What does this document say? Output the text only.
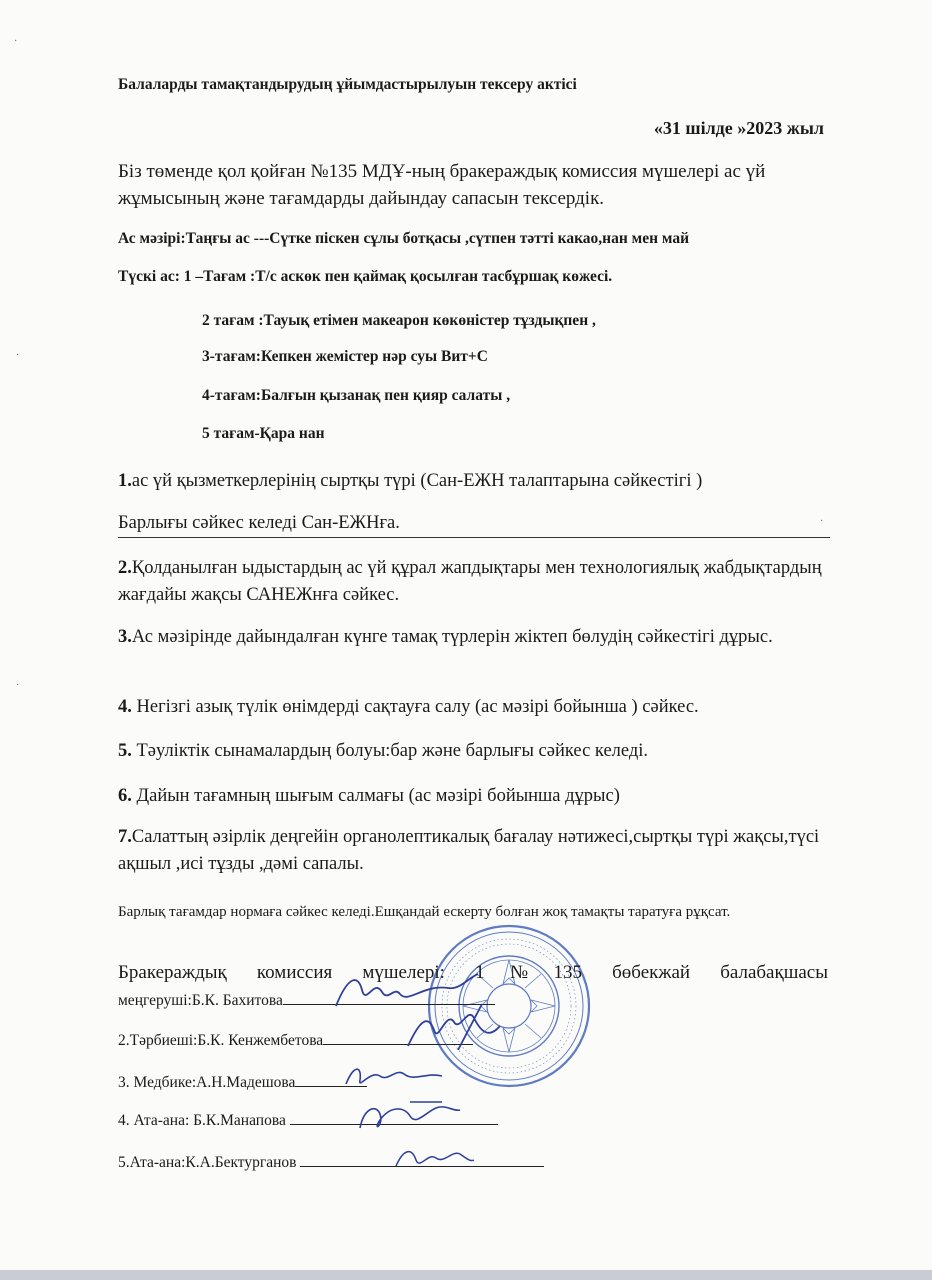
Балаларды тамақтандырудың ұйымдастырылуын тексеру актісі

«31 шілде »2023 жыл

Біз төменде қол қойған №135 МДҰ-ның бракераждық комиссия мүшелері ас үй жұмысының және тағамдарды дайындау сапасын тексердік.

Ас мәзірі:Таңғы ас ---Сүтке піскен сұлы ботқасы ,сүтпен тәтті какао,нан мен май

Түскі ас: 1 –Тағам :Т/с аскөк пен қаймақ қосылған тасбұршақ көжесі.

2 тағам :Тауық етімен макеарон көкөністер тұздықпен ,

3-тағам:Кепкен жемістер нәр суы Вит+С

4-тағам:Балғын қызанақ пен қияр салаты ,

5 тағам-Қара нан

1.ас үй қызметкерлерінің сыртқы түрі (Сан-ЕЖН талаптарына сәйкестігі )

Барлығы сәйкес келеді Сан-ЕЖНға.

2.Қолданылған ыдыстардың ас үй құрал жапдықтары мен технологиялық жабдықтардың жағдайы жақсы САНЕЖнға сәйкес.

3.Ас мәзірінде дайындалған күнге тамақ түрлерін жіктеп бөлудің сәйкестігі дұрыс.

4. Негізгі азық түлік өнімдерді сақтауға салу (ас мәзірі бойынша ) сәйкес.

5. Тәуліктік сынамалардың болуы:бар және барлығы сәйкес келеді.

6. Дайын тағамның шығым салмағы (ас мәзірі бойынша дұрыс)

7.Салаттың әзірлік деңгейін органолептикалық бағалау нәтижесі,сыртқы түрі жақсы,түсі ақшыл ,исі тұзды ,дәмі сапалы.

Барлық тағамдар нормаға сәйкес келеді.Ешқандай ескерту болған жоқ тамақты таратуға рұқсат.

Бракераждық комиссия мүшелері: 1№135 бөбекжай балабақшасы

меңгеруші:Б.К. Бахитова

2.Тәрбиеші:Б.К. Кенжембетова

3. Медбике:А.Н.Мадешова

4. Ата-ана: Б.К.Манапова

5.Ата-ана:К.А.Бектурганов

·
·
·
·
